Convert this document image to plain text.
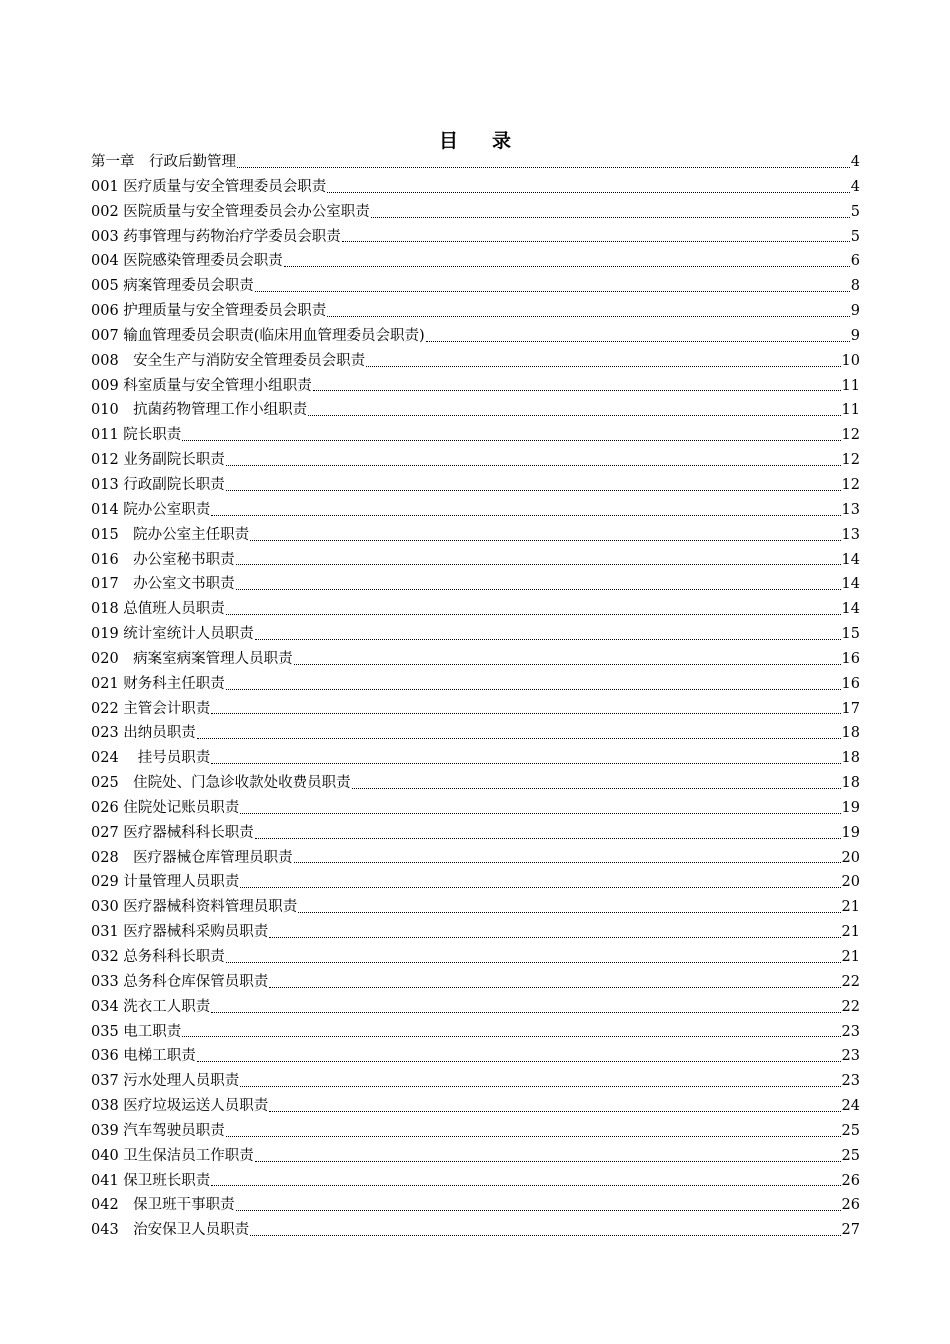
目 录
第一章　行政后勤管理	4
001 医疗质量与安全管理委员会职责	4
002 医院质量与安全管理委员会办公室职责	5
003 药事管理与药物治疗学委员会职责	5
004 医院感染管理委员会职责	6
005 病案管理委员会职责	8
006 护理质量与安全管理委员会职责	9
007 输血管理委员会职责(临床用血管理委员会职责)	9
008　安全生产与消防安全管理委员会职责	10
009 科室质量与安全管理小组职责	11
010　抗菌药物管理工作小组职责	11
011 院长职责	12
012 业务副院长职责	12
013 行政副院长职责	12
014 院办公室职责	13
015　院办公室主任职责	13
016　办公室秘书职责	14
017　办公室文书职责	14
018 总值班人员职责	14
019 统计室统计人员职责	15
020　病案室病案管理人员职责	16
021 财务科主任职责	16
022 主管会计职责	17
023 出纳员职责	18
024　 挂号员职责	18
025　住院处、门急诊收款处收费员职责	18
026 住院处记账员职责	19
027 医疗器械科科长职责	19
028　医疗器械仓库管理员职责	20
029 计量管理人员职责	20
030 医疗器械科资料管理员职责	21
031 医疗器械科采购员职责	21
032 总务科科长职责	21
033 总务科仓库保管员职责	22
034 洗衣工人职责	22
035 电工职责	23
036 电梯工职责	23
037 污水处理人员职责	23
038 医疗垃圾运送人员职责	24
039 汽车驾驶员职责	25
040 卫生保洁员工作职责	25
041 保卫班长职责	26
042　保卫班干事职责	26
043　治安保卫人员职责	27
